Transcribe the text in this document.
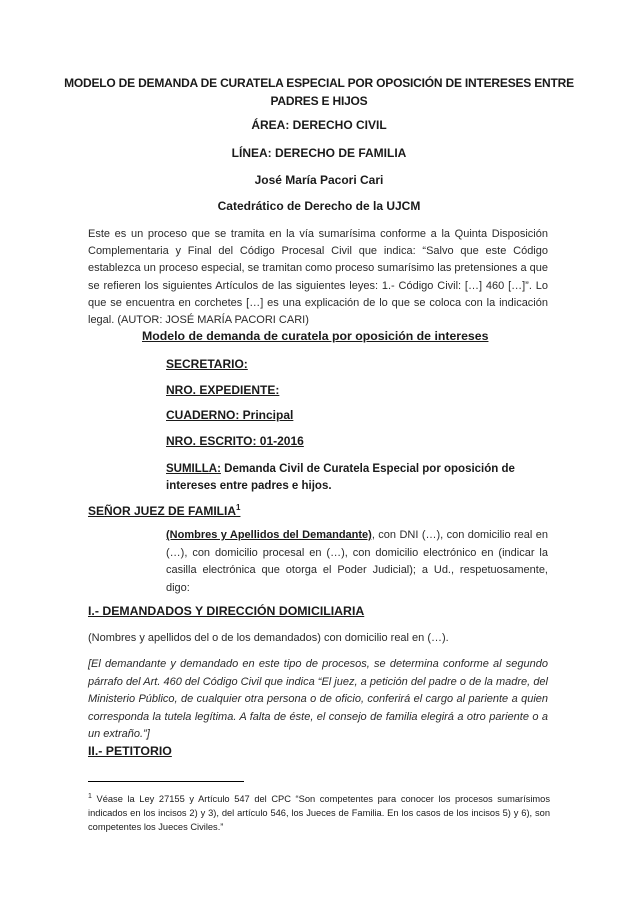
MODELO DE DEMANDA DE CURATELA ESPECIAL POR OPOSICIÓN DE INTERESES ENTRE PADRES E HIJOS
ÁREA: DERECHO CIVIL
LÍNEA: DERECHO DE FAMILIA
José María Pacori Cari
Catedrático de Derecho de la UJCM
Este es un proceso que se tramita en la vía sumarísima conforme a la Quinta Disposición Complementaria y Final del Código Procesal Civil que indica: “Salvo que este Código establezca un proceso especial, se tramitan como proceso sumarísimo las pretensiones a que se refieren los siguientes Artículos de las siguientes leyes: 1.- Código Civil: […] 460 […]”. Lo que se encuentra en corchetes […] es una explicación de lo que se coloca con la indicación legal. (AUTOR: JOSÉ MARÍA PACORI CARI)
Modelo de demanda de curatela por oposición de intereses
SECRETARIO:
NRO. EXPEDIENTE:
CUADERNO: Principal
NRO. ESCRITO: 01-2016
SUMILLA: Demanda Civil de Curatela Especial por oposición de intereses entre padres e hijos.
SEÑOR JUEZ DE FAMILIA$^1$
(Nombres y Apellidos del Demandante), con DNI (…), con domicilio real en (…), con domicilio procesal en (…), con domicilio electrónico en (indicar la casilla electrónica que otorga el Poder Judicial); a Ud., respetuosamente, digo:
I.- DEMANDADOS Y DIRECCIÓN DOMICILIARIA
(Nombres y apellidos del o de los demandados) con domicilio real en (…).
[El demandante y demandado en este tipo de procesos, se determina conforme al segundo párrafo del Art. 460 del Código Civil que indica “El juez, a petición del padre o de la madre, del Ministerio Público, de cualquier otra persona o de oficio, conferirá el cargo al pariente a quien corresponda la tutela legítima. A falta de éste, el consejo de familia elegirá a otro pariente o a un extraño.”]
II.- PETITORIO
$^1$ Véase la Ley 27155 y Artículo 547 del CPC “Son competentes para conocer los procesos sumarísimos indicados en los incisos 2) y 3), del artículo 546, los Jueces de Familia. En los casos de los incisos 5) y 6), son competentes los Jueces Civiles.”
